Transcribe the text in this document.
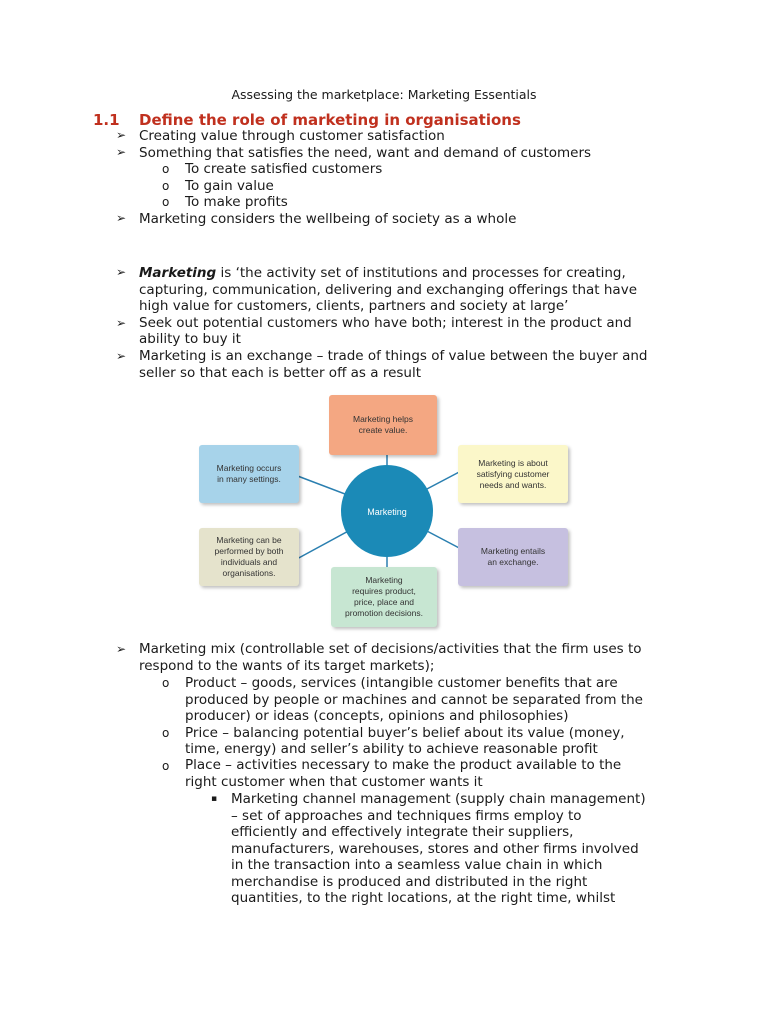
Assessing the marketplace: Marketing Essentials
1.1 Define the role of marketing in organisations
➢ Creating value through customer satisfaction
➢ Something that satisfies the need, want and demand of customers
o To create satisfied customers
o To gain value
o To make profits
➢ Marketing considers the wellbeing of society as a whole
➢ Marketing is ‘the activity set of institutions and processes for creating,
capturing, communication, delivering and exchanging offerings that have
high value for customers, clients, partners and society at large’
➢ Seek out potential customers who have both; interest in the product and
ability to buy it
➢ Marketing is an exchange – trade of things of value between the buyer and
seller so that each is better off as a result
Marketing
Marketing helps
create value.
Marketing is about
satisfying customer
needs and wants.
Marketing entails
an exchange.
Marketing
requires product,
price, place and
promotion decisions.
Marketing can be
performed by both
individuals and
organisations.
Marketing occurs
in many settings.
➢ Marketing mix (controllable set of decisions/activities that the firm uses to
respond to the wants of its target markets);
o Product – goods, services (intangible customer benefits that are
produced by people or machines and cannot be separated from the
producer) or ideas (concepts, opinions and philosophies)
o Price – balancing potential buyer’s belief about its value (money,
time, energy) and seller’s ability to achieve reasonable profit
o Place – activities necessary to make the product available to the
right customer when that customer wants it
▪ Marketing channel management (supply chain management)
– set of approaches and techniques firms employ to
efficiently and effectively integrate their suppliers,
manufacturers, warehouses, stores and other firms involved
in the transaction into a seamless value chain in which
merchandise is produced and distributed in the right
quantities, to the right locations, at the right time, whilst
